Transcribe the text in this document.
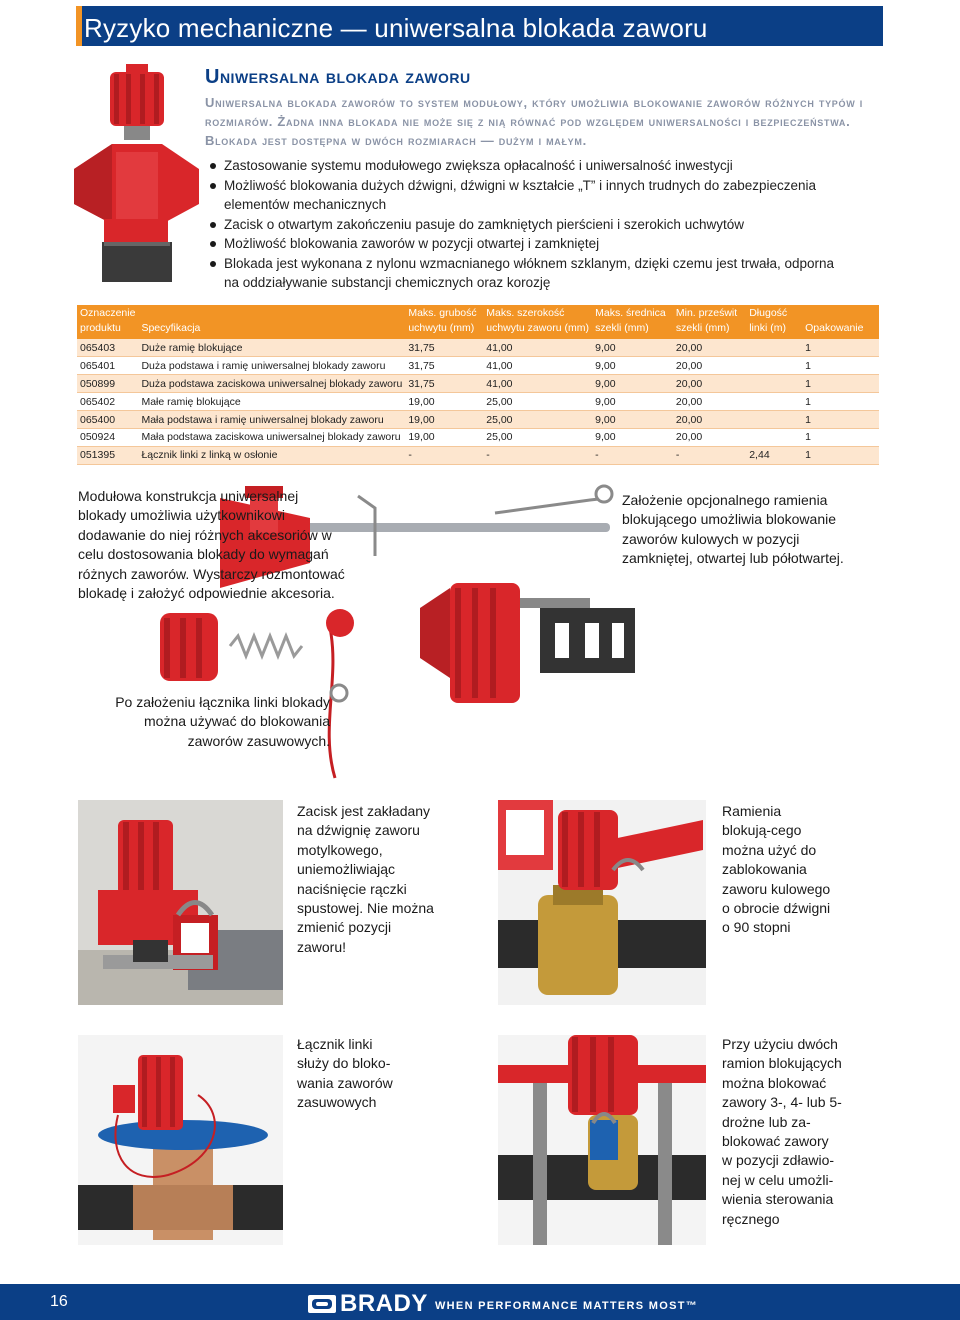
Ryzyko mechaniczne — uniwersalna blokada zaworu
Uniwersalna blokada zaworu
Uniwersalna blokada zaworów to system modułowy, który umożliwia blokowanie zaworów różnych typów i rozmiarów. Żadna inna blokada nie może się z nią równać pod względem uniwersalności i bezpieczeństwa. Blokada jest dostępna w dwóch rozmiarach — dużym i małym.
Zastosowanie systemu modułowego zwiększa opłacalność i uniwersalność inwestycji
Możliwość blokowania dużych dźwigni, dźwigni w kształcie „T” i innych trudnych do zabezpieczenia elementów mechanicznych
Zacisk o otwartym zakończeniu pasuje do zamkniętych pierścieni i szerokich uchwytów
Możliwość blokowania zaworów w pozycji otwartej i zamkniętej
Blokada jest wykonana z nylonu wzmacnianego włóknem szklanym, dzięki czemu jest trwała, odporna na oddziaływanie substancji chemicznych oraz korozję
Oznaczenie produktu	Specyfikacja	Maks. grubość uchwytu (mm)	Maks. szerokość uchwytu zaworu (mm)	Maks. średnica szekli (mm)	Min. prześwit szekli (mm)	Długość linki (m)	Opakowanie
065403	Duże ramię blokujące	31,75	41,00	9,00	20,00		1
065401	Duża podstawa i ramię uniwersalnej blokady zaworu	31,75	41,00	9,00	20,00		1
050899	Duża podstawa zaciskowa uniwersalnej blokady zaworu	31,75	41,00	9,00	20,00		1
065402	Małe ramię blokujące	19,00	25,00	9,00	20,00		1
065400	Mała podstawa i ramię uniwersalnej blokady zaworu	19,00	25,00	9,00	20,00		1
050924	Mała podstawa zaciskowa uniwersalnej blokady zaworu	19,00	25,00	9,00	20,00		1
051395	Łącznik linki z linką w osłonie	-	-	-	-	2,44	1
Modułowa konstrukcja uniwersalnej blokady umożliwia użytkownikowi dodawanie do niej różnych akcesoriów w celu dostosowania blokady do wymagań różnych zaworów. Wystarczy rozmontować blokadę i założyć odpowiednie akcesoria.
Założenie opcjonalnego ramienia blokującego umożliwia blokowanie zaworów kulowych w pozycji zamkniętej, otwartej lub półotwartej.
Po założeniu łącznika linki blokady można używać do blokowania zaworów zasuwowych.
Zacisk jest zakładany na dźwignię zaworu motylkowego, uniemożliwiając naciśnięcie rączki spustowej. Nie można zmienić pozycji zaworu!
Ramienia blokują-cego można użyć do zablokowania zaworu kulowego o obrocie dźwigni o 90 stopni
Łącznik linki służy do bloko-wania zaworów zasuwowych
Przy użyciu dwóch ramion blokujących można blokować zawory 3-, 4- lub 5-drożne lub za-blokować zawory w pozycji zdławio-nej w celu umożli-wienia sterowania ręcznego
16	BRADY WHEN PERFORMANCE MATTERS MOST™
